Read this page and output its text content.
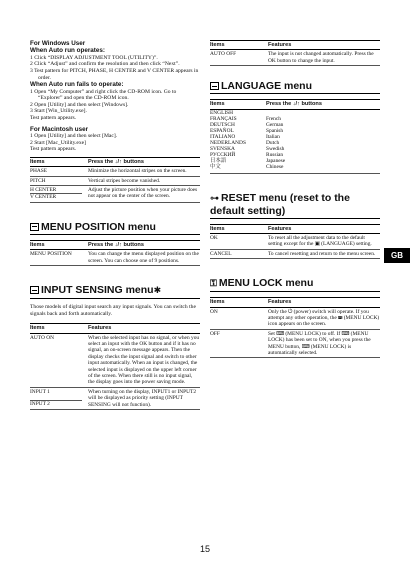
For Windows User
When Auto run operates:
1 Click “DISPLAY ADJUSTMENT TOOL (UTILITY)”.
2 Click “Adjust” and confirm the resolution and then click “Next”.
3 Test pattern for PITCH, PHASE, H CENTER and V CENTER appears in order.
When Auto run fails to operate:
1 Open “My Computer” and right click the CD-ROM icon. Go to “Explorer” and open the CD-ROM icon.
2 Open [Utility] and then select [Windows].
3 Start [Win_Utility.exe].
Test pattern appears.
For Macintosh user
1 Open [Utility] and then select [Mac].
2 Start [Mac_Utility.exe]
Test pattern appears.
Items	Press the ↓/↑ buttons
PHASE	Minimize the horizontal stripes on the screen.
PITCH	Vertical stripes become vanished.

H CENTER
V CENTER	Adjust the picture position when your picture does not appear on the center of the screen.
MENU POSITION menu
Items	Press the ↓/↑ buttons
MENU POSITION	You can change the menu displayed position on the screen. You can choose one of 9 positions.
INPUT SENSING menu✱
Those models of digital input search any input signals. You can switch the signals back and forth automatically.
Items	Features
AUTO ON	When the selected input has no signal, or when you select an input with the OK button and if it has no signal, an on-screen message appears. Then the display checks the input signal and switch to other input automatically. When an input is changed, the selected input is displayed on the upper left corner of the screen. When there still is no input signal, the display goes into the power saving mode.

INPUT 1
INPUT 2	When turning on the display, INPUT1 or INPUT2 will be displayed as priority setting (INPUT SENSING will not function).
Items	Features
AUTO OFF	The input is not changed automatically. Press the OK button to change the input.
LANGUAGE menu
Items	Press the ↓/↑ buttons
ENGLISH	
FRANÇAIS	French
DEUTSCH	German
ESPAÑOL	Spanish
ITALIANO	Italian
NEDERLANDS	Dutch
SVENSKA	Swedish
РУССКИЙ	Russian
日本語	Japanese
中文	Chinese
⊶ RESET menu (reset to the default setting)
Items	Features
OK	To reset all the adjustment data to the default setting except for the ▣ (LANGUAGE) setting.
CANCEL	To cancel resetting and return to the menu screen.
⚿ MENU LOCK menu
Items	Features
ON	Only the ⏻ (power) switch will operate. If you attempt any other operation, the ⌨ (MENU LOCK) icon appears on the screen.
OFF	Set ⌨ (MENU LOCK) to off. If ⌨ (MENU LOCK) has been set to ON, when you press the MENU button, ⌨ (MENU LOCK) is automatically selected.
GB
15
